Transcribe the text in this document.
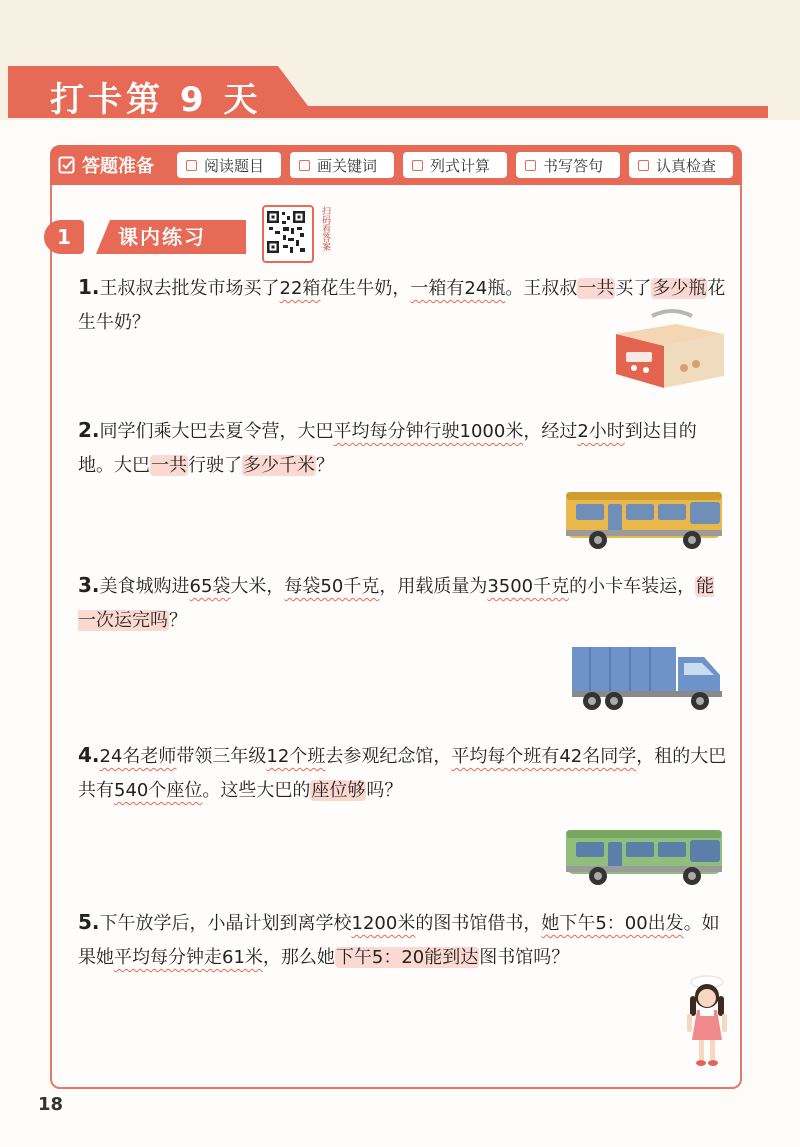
打卡第 9 天
答题准备	阅读题目	画关键词	列式计算	书写答句	认真检查
1	课内练习	扫码看答案
1.王叔叔去批发市场买了22箱花生牛奶，一箱有24瓶。王叔叔一共买了多少瓶花生牛奶？
2.同学们乘大巴去夏令营，大巴平均每分钟行驶1000米，经过2小时到达目的地。大巴一共行驶了多少千米？
3.美食城购进65袋大米，每袋50千克，用载质量为3500千克的小卡车装运，能一次运完吗？
4.24名老师带领三年级12个班去参观纪念馆，平均每个班有42名同学，租的大巴共有540个座位。这些大巴的座位够吗？
5.下午放学后，小晶计划到离学校1200米的图书馆借书，她下午5：00出发。如果她平均每分钟走61米，那么她下午5：20能到达图书馆吗？
18
